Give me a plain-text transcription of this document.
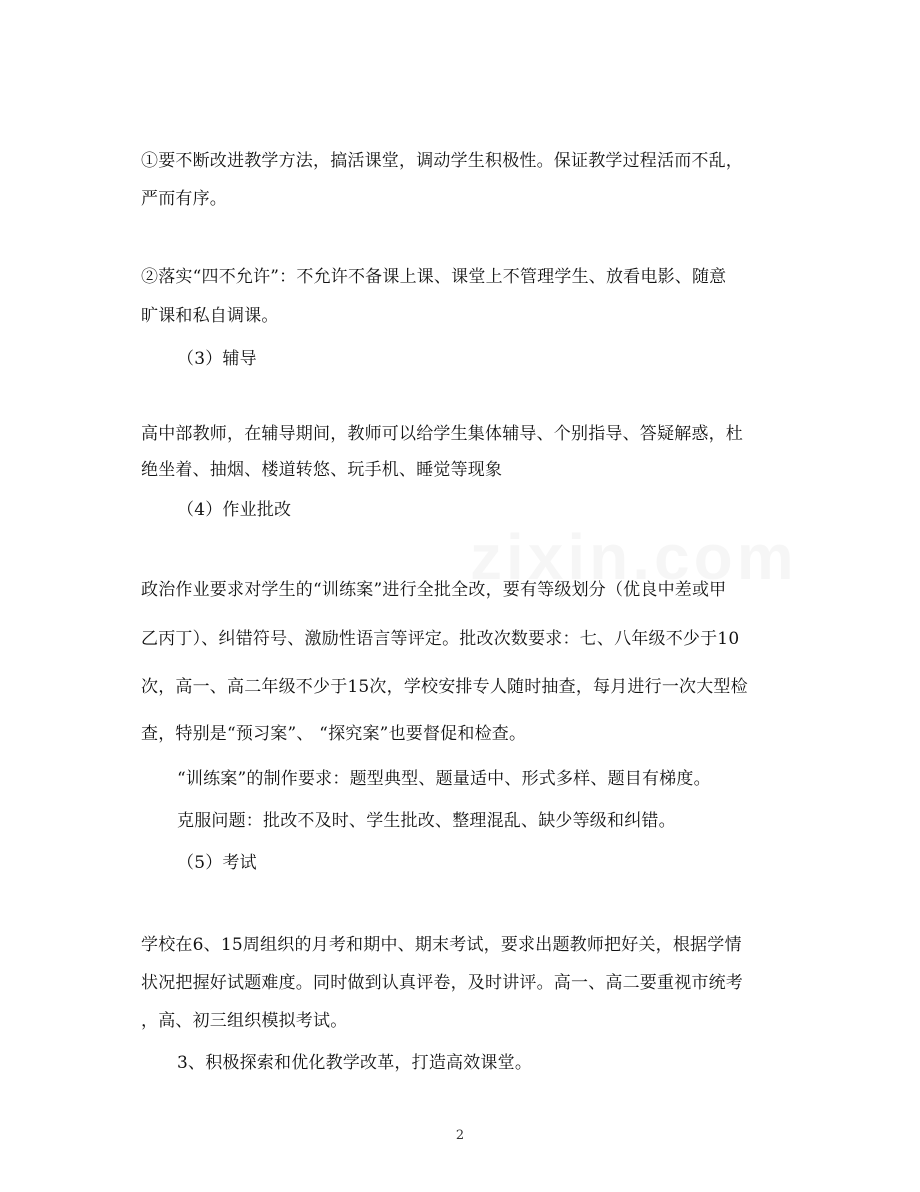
①要不断改进教学方法，搞活课堂，调动学生积极性。保证教学过程活而不乱，
严而有序。
②落实“四不允许”：不允许不备课上课、课堂上不管理学生、放看电影、随意
旷课和私自调课。
（3）辅导
高中部教师，在辅导期间，教师可以给学生集体辅导、个别指导、答疑解惑，杜
绝坐着、抽烟、楼道转悠、玩手机、睡觉等现象
（4）作业批改
政治作业要求对学生的“训练案”进行全批全改，要有等级划分（优良中差或甲
乙丙丁）、纠错符号、激励性语言等评定。批改次数要求：七、八年级不少于10
次，高一、高二年级不少于15次，学校安排专人随时抽查，每月进行一次大型检
查，特别是“预习案”、 “探究案”也要督促和检查。
“训练案”的制作要求：题型典型、题量适中、形式多样、题目有梯度。
克服问题：批改不及时、学生批改、整理混乱、缺少等级和纠错。
（5）考试
学校在6、15周组织的月考和期中、期末考试，要求出题教师把好关，根据学情
状况把握好试题难度。同时做到认真评卷，及时讲评。高一、高二要重视市统考
，高、初三组织模拟考试。
3、积极探索和优化教学改革，打造高效课堂。
2
